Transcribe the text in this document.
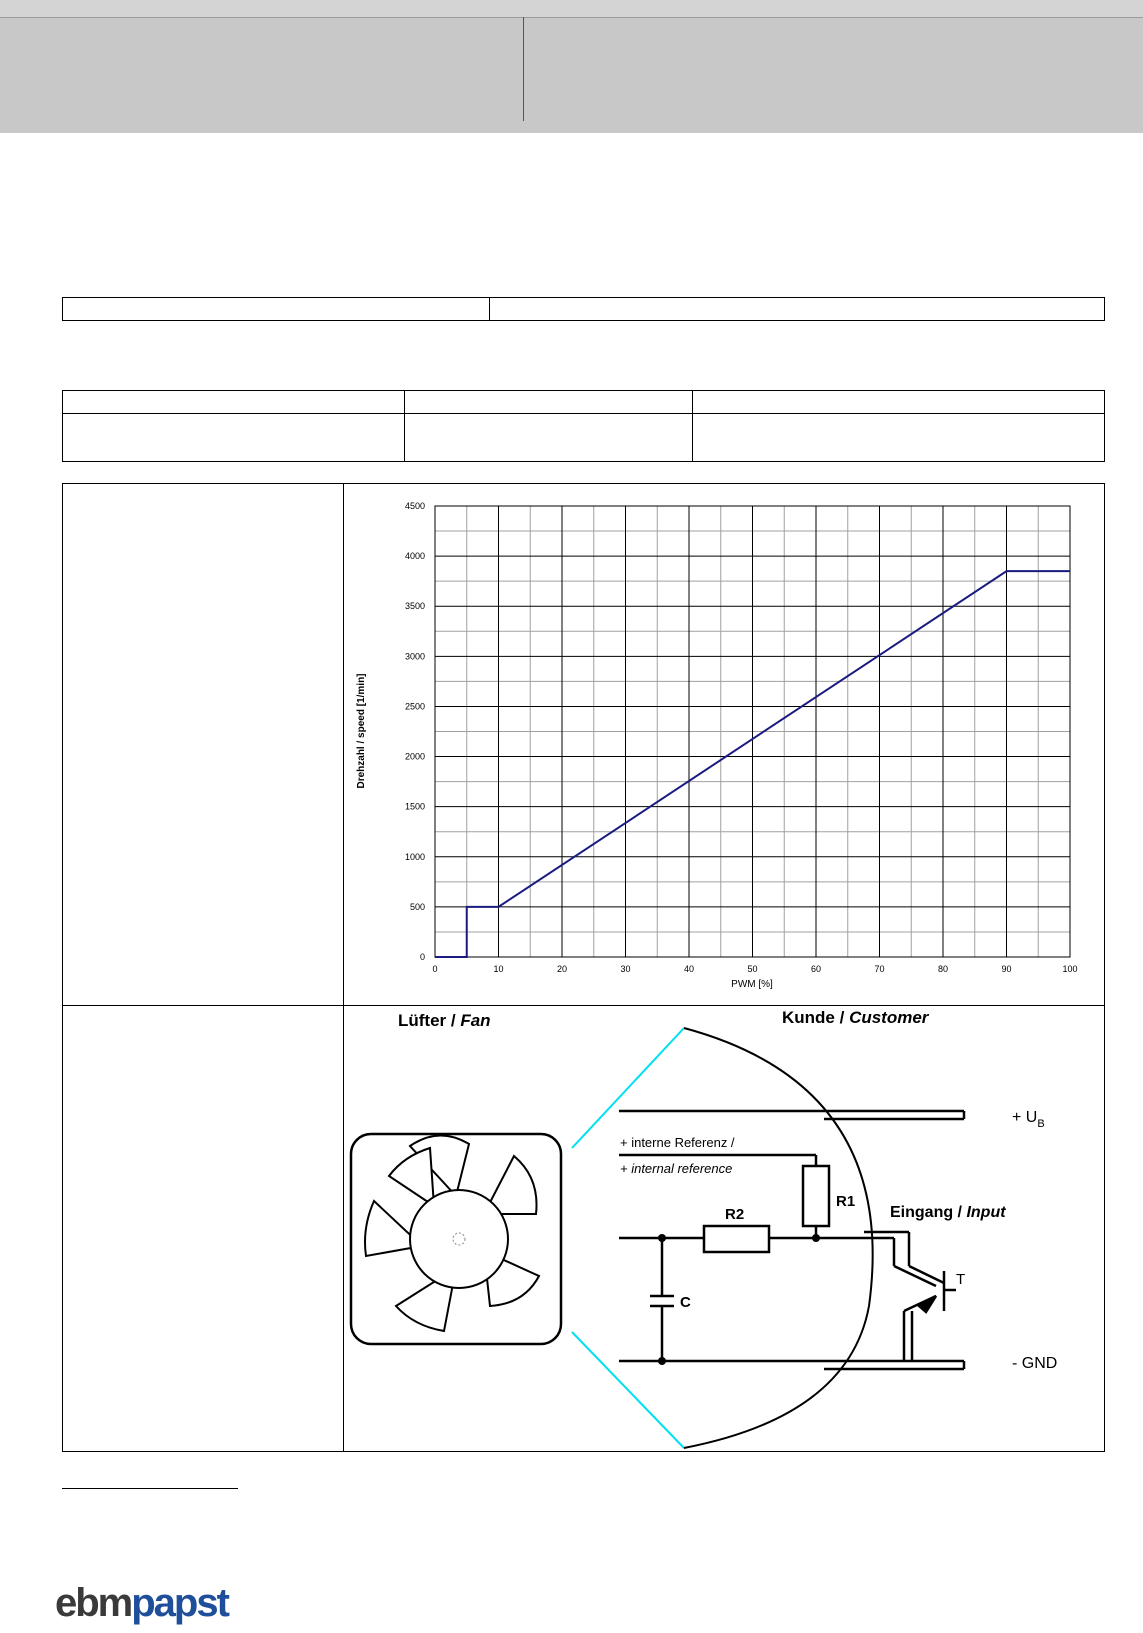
0
500
1000
1500
2000
2500
3000
3500
4000
4500
0	10	20	30	40	50	60	70	80	90	100
PWM [%]
Drehzahl / speed [1/min]
Lüfter / Fan	Kunde / Customer
+ $U_B$
+ interne Referenz /
+ internal reference
R1
R2
C
T
Eingang / Input
- GND
ebmpapst
